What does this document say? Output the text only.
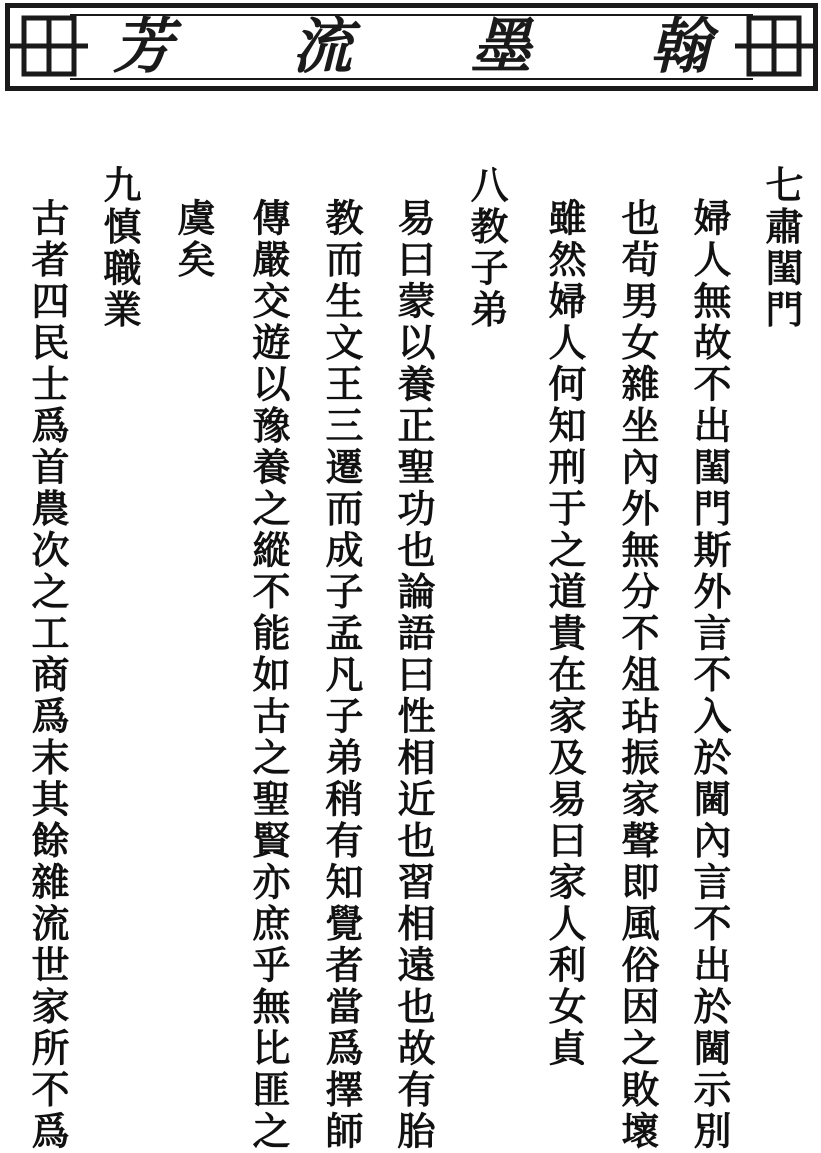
芳 流 墨 翰
七肅閨門
婦人無故不出閨門斯外言不入於閫內言不出於閫示別
也茍男女雜坐內外無分不俎玷振家聲即風俗因之敗壞
雖然婦人何知刑于之道貴在家及易曰家人利女貞
八教子弟
易曰蒙以養正聖功也論語曰性相近也習相遠也故有胎
教而生文王三遷而成子孟凡子弟稍有知覺者當爲擇師
傳嚴交遊以豫養之縱不能如古之聖賢亦庶乎無比匪之
虞矣
九慎職業
古者四民士爲首農次之工商爲末其餘雜流世家所不爲
